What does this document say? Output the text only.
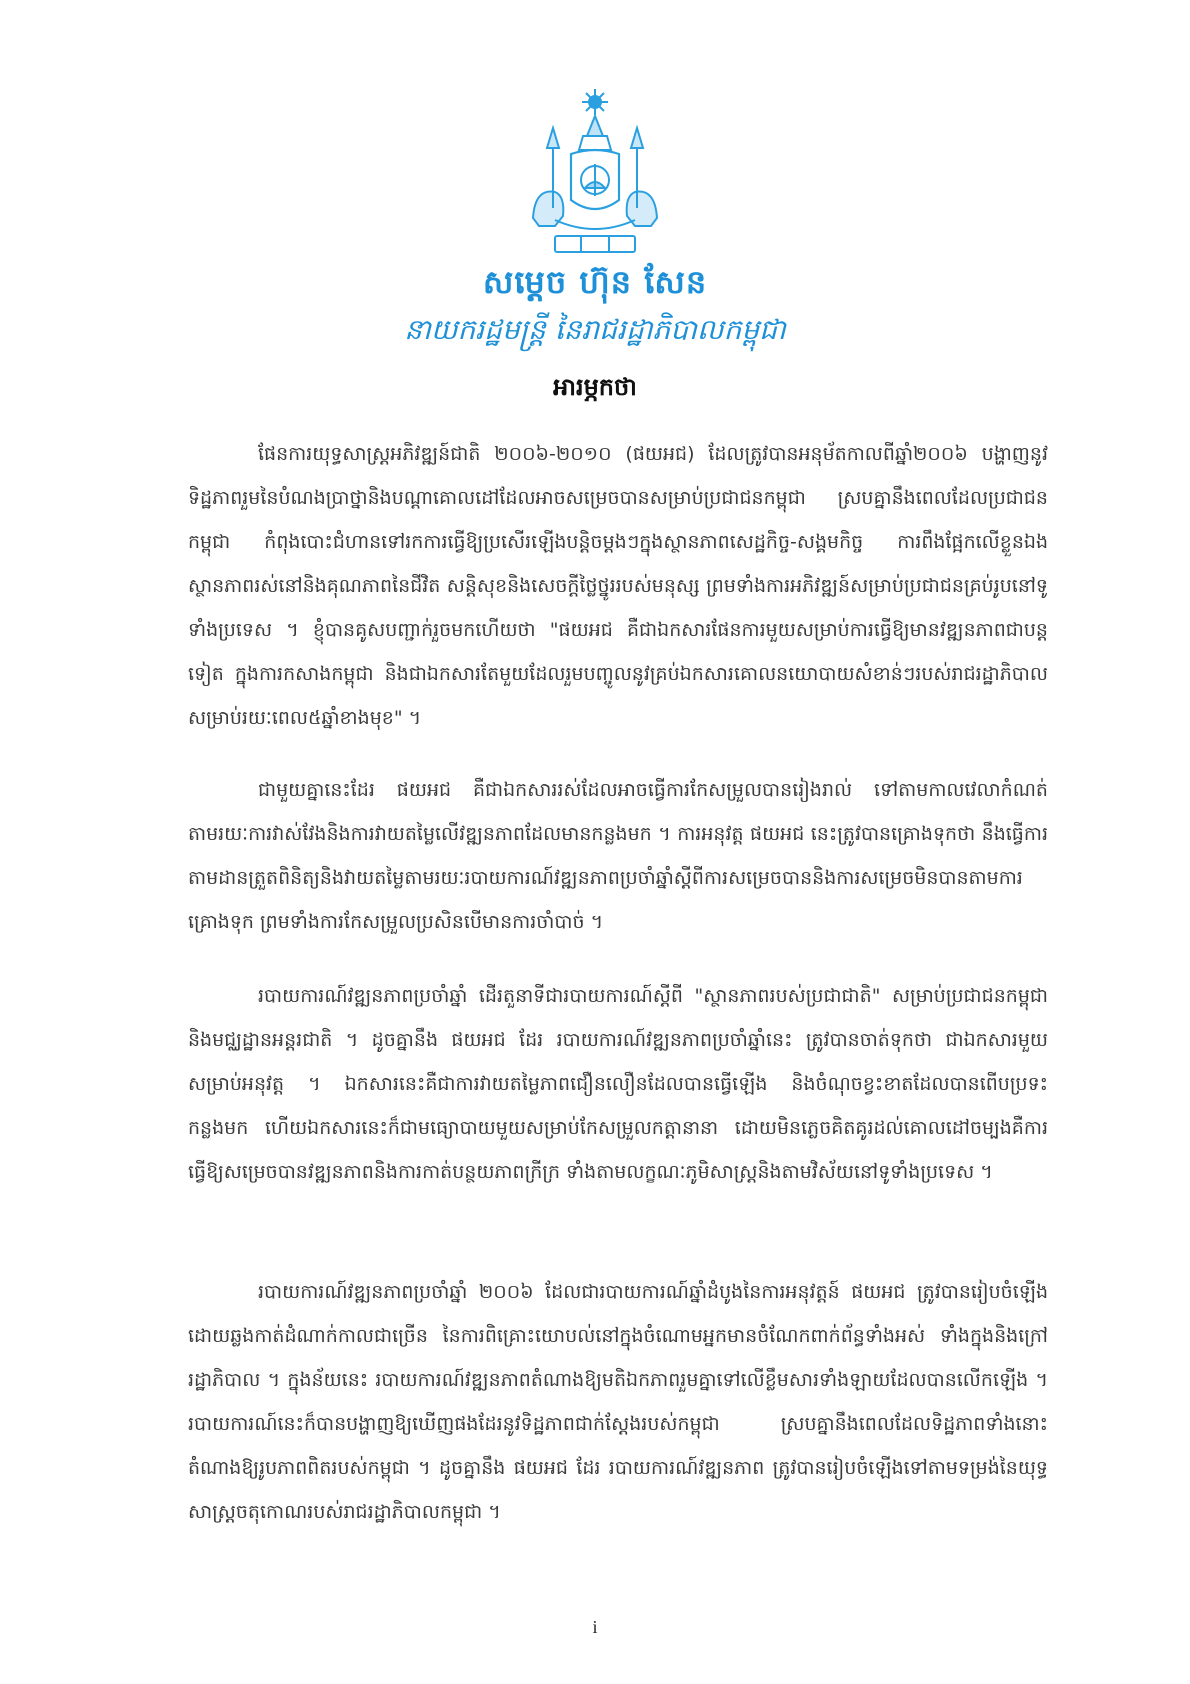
សម្តេច ហ៊ុន សែន
នាយករដ្ឋមន្ត្រី នៃរាជរដ្ឋាភិបាលកម្ពុជា
អារម្ភកថា

ផែនការយុទ្ធសាស្ត្រអភិវឌ្ឍន៍ជាតិ ២០០៦-២០១០ (ផយអជ) ដែលត្រូវបានអនុម័តកាលពីឆ្នាំ២០០៦ បង្ហាញនូវទិដ្ឋភាពរួមនៃបំណងប្រាថ្នានិងបណ្តាគោលដៅដែលអាចសម្រេចបានសម្រាប់ប្រជាជនកម្ពុជា ស្របគ្នានឹងពេលដែលប្រជាជនកម្ពុជា កំពុងបោះជំហានទៅរកការធ្វើឱ្យប្រសើរឡើងបន្តិចម្តងៗក្នុងស្ថានភាពសេដ្ឋកិច្ច-សង្គមកិច្ច ការពឹងផ្អែកលើខ្លួនឯង ស្ថានភាពរស់នៅនិងគុណភាពនៃជីវិត សន្តិសុខនិងសេចក្តីថ្លៃថ្នូររបស់មនុស្ស ព្រមទាំងការអភិវឌ្ឍន៍សម្រាប់ប្រជាជនគ្រប់រូបនៅទូទាំងប្រទេស ។ ខ្ញុំបានគូសបញ្ជាក់រួចមកហើយថា "ផយអជ គឺជាឯកសារផែនការមួយសម្រាប់ការធ្វើឱ្យមានវឌ្ឍនភាពជាបន្តទៀត ក្នុងការកសាងកម្ពុជា និងជាឯកសារតែមួយដែលរួមបញ្ចូលនូវគ្រប់ឯកសារគោលនយោបាយសំខាន់ៗរបស់រាជរដ្ឋាភិបាលសម្រាប់រយៈពេល៥ឆ្នាំខាងមុខ" ។

ជាមួយគ្នានេះដែរ ផយអជ គឺជាឯកសាររស់ដែលអាចធ្វើការកែសម្រួលបានរៀងរាល់ ទៅតាមកាលវេលាកំណត់ តាមរយៈការវាស់វែងនិងការវាយតម្លៃលើវឌ្ឍនភាពដែលមានកន្លងមក ។ ការអនុវត្ត ផយអជ នេះត្រូវបានគ្រោងទុកថា នឹងធ្វើការតាមដានត្រួតពិនិត្យនិងវាយតម្លៃតាមរយៈរបាយការណ៍វឌ្ឍនភាពប្រចាំឆ្នាំស្តីពីការសម្រេចបាននិងការសម្រេចមិនបានតាមការគ្រោងទុក ព្រមទាំងការកែសម្រួលប្រសិនបើមានការចាំបាច់ ។

របាយការណ៍វឌ្ឍនភាពប្រចាំឆ្នាំ ដើរតួនាទីជារបាយការណ៍ស្តីពី "ស្ថានភាពរបស់ប្រជាជាតិ" សម្រាប់ប្រជាជនកម្ពុជានិងមជ្ឈដ្ឋានអន្តរជាតិ ។ ដូចគ្នានឹង ផយអជ ដែរ របាយការណ៍វឌ្ឍនភាពប្រចាំឆ្នាំនេះ ត្រូវបានចាត់ទុកថា ជាឯកសារមួយសម្រាប់អនុវត្ត ។ ឯកសារនេះគឺជាការវាយតម្លៃភាពជឿនលឿនដែលបានធ្វើឡើង និងចំណុចខ្វះខាតដែលបានពើបប្រទះកន្លងមក ហើយឯកសារនេះក៏ជាមធ្យោបាយមួយសម្រាប់កែសម្រួលកត្តានានា ដោយមិនភ្លេចគិតគូរដល់គោលដៅចម្បងគឺការធ្វើឱ្យសម្រេចបានវឌ្ឍនភាពនិងការកាត់បន្ថយភាពក្រីក្រ ទាំងតាមលក្ខណៈភូមិសាស្ត្រនិងតាមវិស័យនៅទូទាំងប្រទេស ។

របាយការណ៍វឌ្ឍនភាពប្រចាំឆ្នាំ ២០០៦ ដែលជារបាយការណ៍ឆ្នាំដំបូងនៃការអនុវត្តន៍ ផយអជ ត្រូវបានរៀបចំឡើងដោយឆ្លងកាត់ដំណាក់កាលជាច្រើន នៃការពិគ្រោះយោបល់នៅក្នុងចំណោមអ្នកមានចំណែកពាក់ព័ន្ធទាំងអស់ ទាំងក្នុងនិងក្រៅរដ្ឋាភិបាល ។ ក្នុងន័យនេះ របាយការណ៍វឌ្ឍនភាពតំណាងឱ្យមតិឯកភាពរួមគ្នាទៅលើខ្លឹមសារទាំងឡាយដែលបានលើកឡើង ។ របាយការណ៍នេះក៏បានបង្ហាញឱ្យឃើញផងដែរនូវទិដ្ឋភាពជាក់ស្តែងរបស់កម្ពុជា ស្របគ្នានឹងពេលដែលទិដ្ឋភាពទាំងនោះ តំណាងឱ្យរូបភាពពិតរបស់កម្ពុជា ។ ដូចគ្នានឹង ផយអជ ដែរ របាយការណ៍វឌ្ឍនភាព ត្រូវបានរៀបចំឡើងទៅតាមទម្រង់នៃយុទ្ធសាស្ត្រចតុកោណរបស់រាជរដ្ឋាភិបាលកម្ពុជា ។

i
